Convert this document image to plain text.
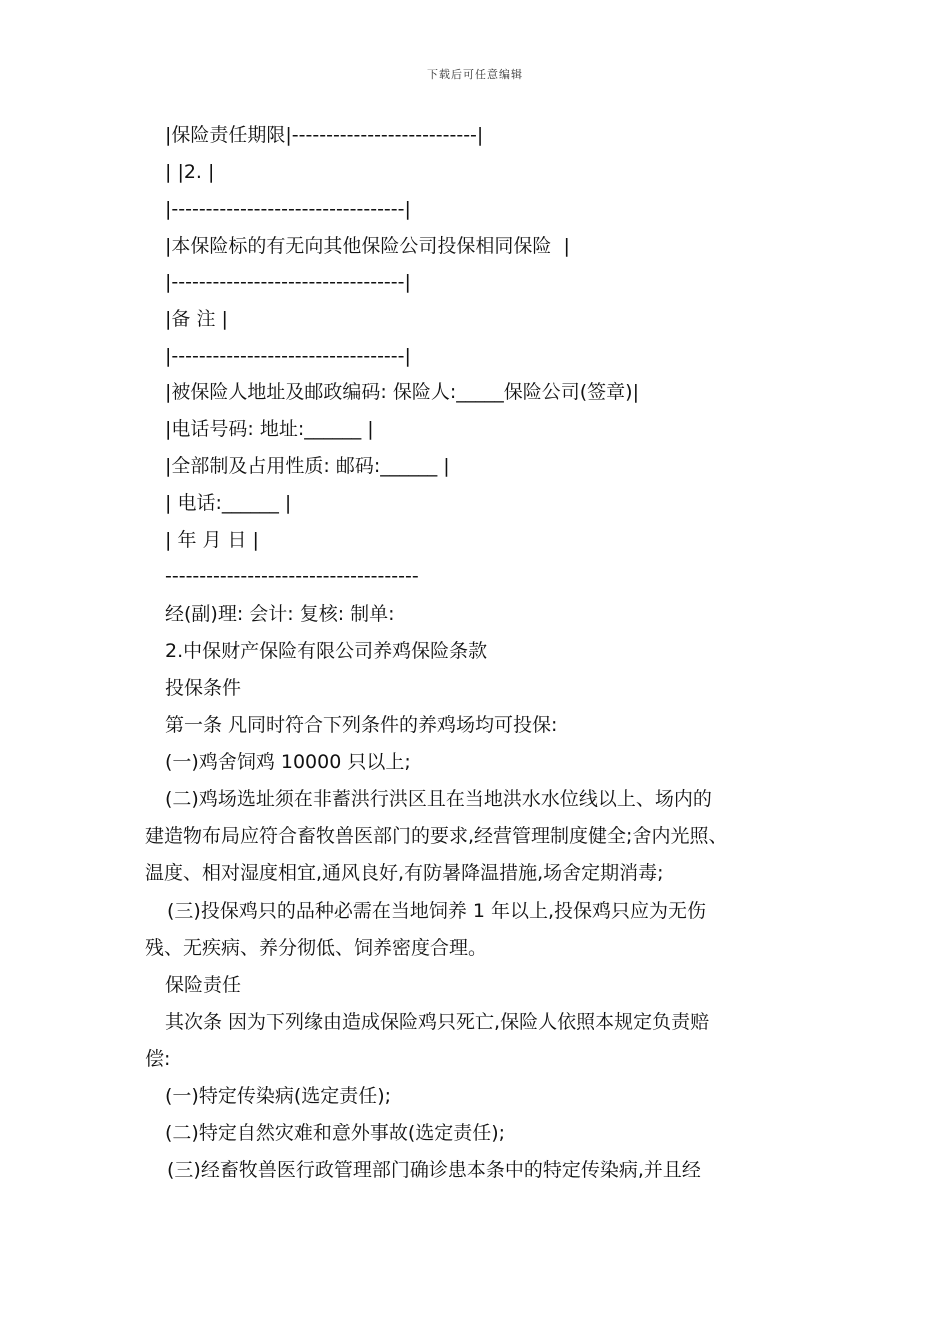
下载后可任意编辑
|保险责任期限|---------------------------|
| |2. |
|----------------------------------|
|本保险标的有无向其他保险公司投保相同保险  |
|----------------------------------|
|备 注 |
|----------------------------------|
|被保险人地址及邮政编码: 保险人:_____保险公司(签章)|
|电话号码: 地址:______ |
|全部制及占用性质: 邮码:______ |
| 电话:______ |
| 年 月 日 |
-------------------------------------
经(副)理: 会计: 复核: 制单:
2.中保财产保险有限公司养鸡保险条款
投保条件
第一条 凡同时符合下列条件的养鸡场均可投保:
(一)鸡舍饲鸡 10000 只以上;
(二)鸡场选址须在非蓄洪行洪区且在当地洪水水位线以上、场内的
建造物布局应符合畜牧兽医部门的要求,经营管理制度健全;舍内光照、
温度、相对湿度相宜,通风良好,有防暑降温措施,场舍定期消毒;
(三)投保鸡只的品种必需在当地饲养 1 年以上,投保鸡只应为无伤
残、无疾病、养分彻低、饲养密度合理。
保险责任
其次条 因为下列缘由造成保险鸡只死亡,保险人依照本规定负责赔
偿:
(一)特定传染病(选定责任);
(二)特定自然灾难和意外事故(选定责任);
(三)经畜牧兽医行政管理部门确诊患本条中的特定传染病,并且经
